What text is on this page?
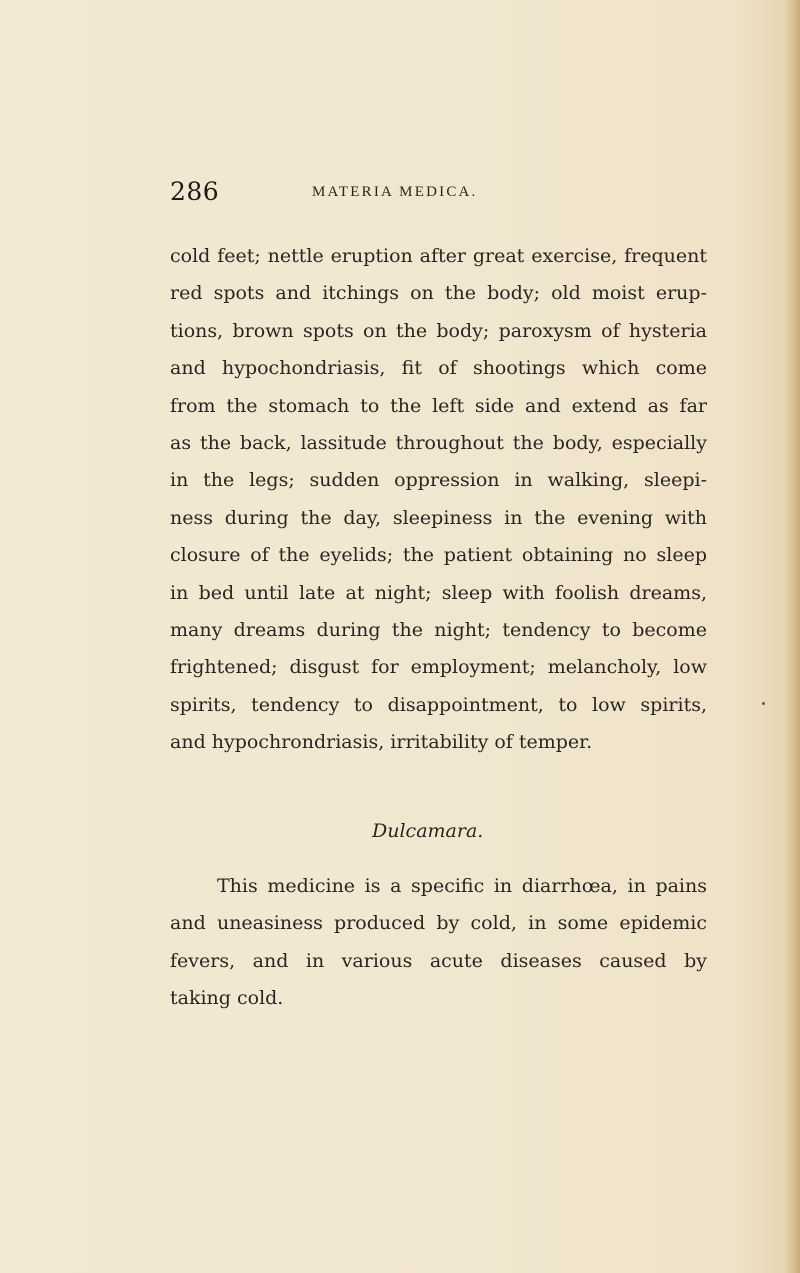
286	MATERIA MEDICA.
cold feet; nettle eruption after great exercise, frequent
red spots and itchings on the body; old moist erup-
tions, brown spots on the body; paroxysm of hysteria
and hypochondriasis, fit of shootings which come
from the stomach to the left side and extend as far
as the back, lassitude throughout the body, especially
in the legs; sudden oppression in walking, sleepi-
ness during the day, sleepiness in the evening with
closure of the eyelids; the patient obtaining no sleep
in bed until late at night; sleep with foolish dreams,
many dreams during the night; tendency to become
frightened; disgust for employment; melancholy, low
spirits, tendency to disappointment, to low spirits,
and hypochrondriasis, irritability of temper.
Dulcamara.
This medicine is a specific in diarrhœa, in pains
and uneasiness produced by cold, in some epidemic
fevers, and in various acute diseases caused by
taking cold.
